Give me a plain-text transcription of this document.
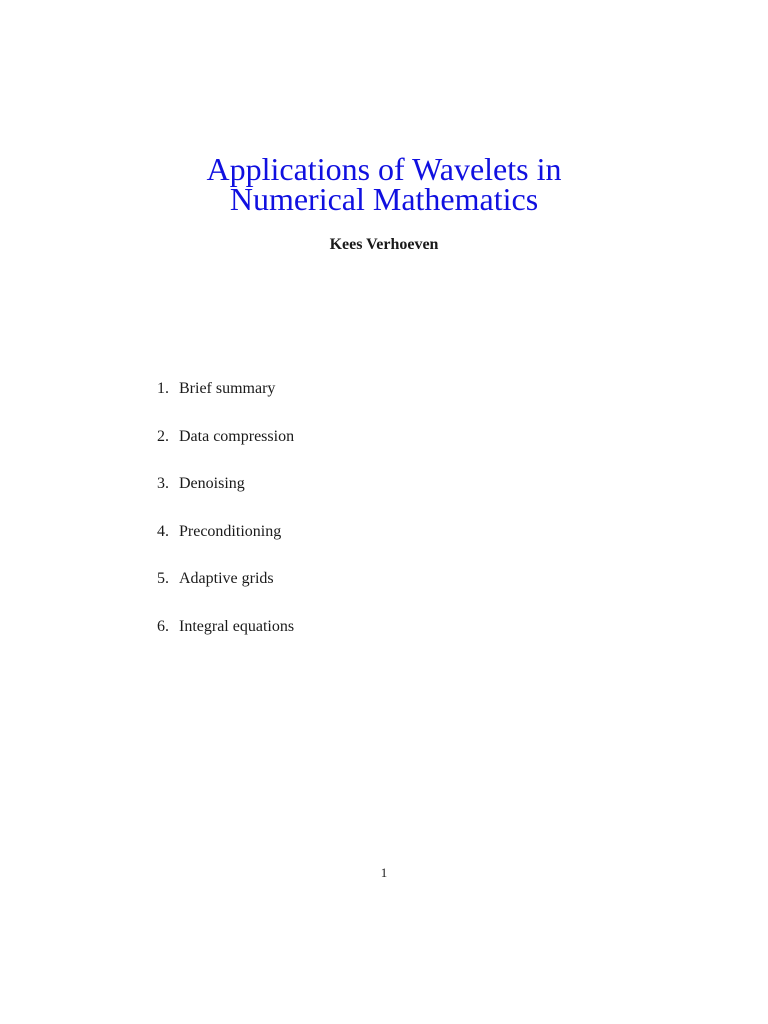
Applications of Wavelets in
Numerical Mathematics
Kees Verhoeven
1. Brief summary
2. Data compression
3. Denoising
4. Preconditioning
5. Adaptive grids
6. Integral equations
1
